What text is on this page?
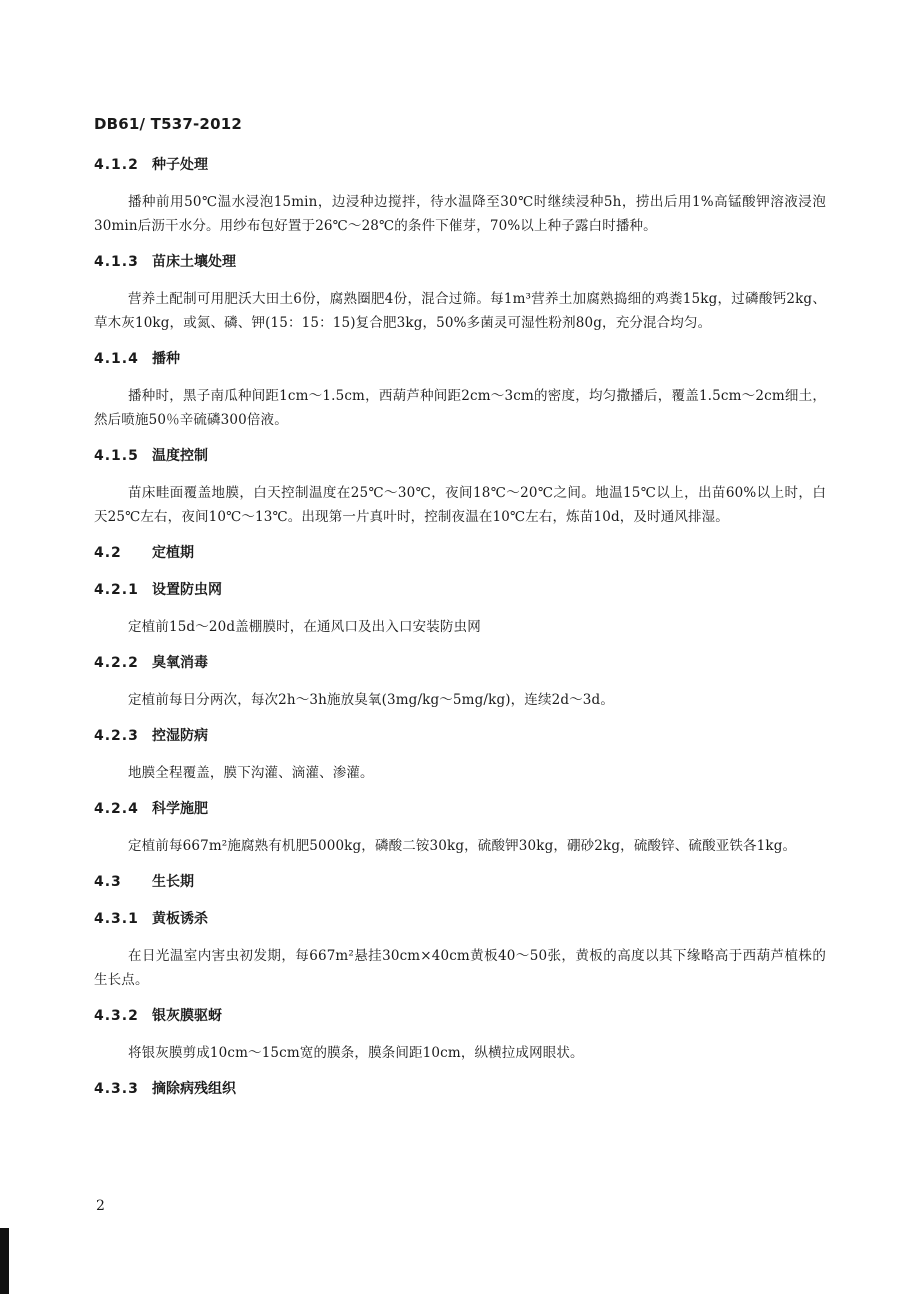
DB61/ T537-2012
4.1.2 种子处理
播种前用50℃温水浸泡15min，边浸种边搅拌，待水温降至30℃时继续浸种5h，捞出后用1%高锰酸钾溶液浸泡30min后沥干水分。用纱布包好置于26℃～28℃的条件下催芽，70%以上种子露白时播种。
4.1.3 苗床土壤处理
营养土配制可用肥沃大田土6份，腐熟圈肥4份，混合过筛。每1m³营养土加腐熟捣细的鸡粪15kg，过磷酸钙2kg、草木灰10kg，或氮、磷、钾(15：15：15)复合肥3kg，50%多菌灵可湿性粉剂80g，充分混合均匀。
4.1.4 播种
播种时，黑子南瓜种间距1cm～1.5cm，西葫芦种间距2cm～3cm的密度，均匀撒播后，覆盖1.5cm～2cm细土，然后喷施50％辛硫磷300倍液。
4.1.5 温度控制
苗床畦面覆盖地膜，白天控制温度在25℃～30℃，夜间18℃～20℃之间。地温15℃以上，出苗60%以上时，白天25℃左右，夜间10℃～13℃。出现第一片真叶时，控制夜温在10℃左右，炼苗10d，及时通风排湿。
4.2 定植期
4.2.1 设置防虫网
定植前15d～20d盖棚膜时，在通风口及出入口安装防虫网
4.2.2 臭氧消毒
定植前每日分两次，每次2h～3h施放臭氧(3mg/kg～5mg/kg)，连续2d～3d。
4.2.3 控湿防病
地膜全程覆盖，膜下沟灌、滴灌、渗灌。
4.2.4 科学施肥
定植前每667m²施腐熟有机肥5000kg，磷酸二铵30kg，硫酸钾30kg，硼砂2kg，硫酸锌、硫酸亚铁各1kg。
4.3 生长期
4.3.1 黄板诱杀
在日光温室内害虫初发期，每667m²悬挂30cm×40cm黄板40～50张，黄板的高度以其下缘略高于西葫芦植株的生长点。
4.3.2 银灰膜驱蚜
将银灰膜剪成10cm～15cm宽的膜条，膜条间距10cm，纵横拉成网眼状。
4.3.3 摘除病残组织
2
